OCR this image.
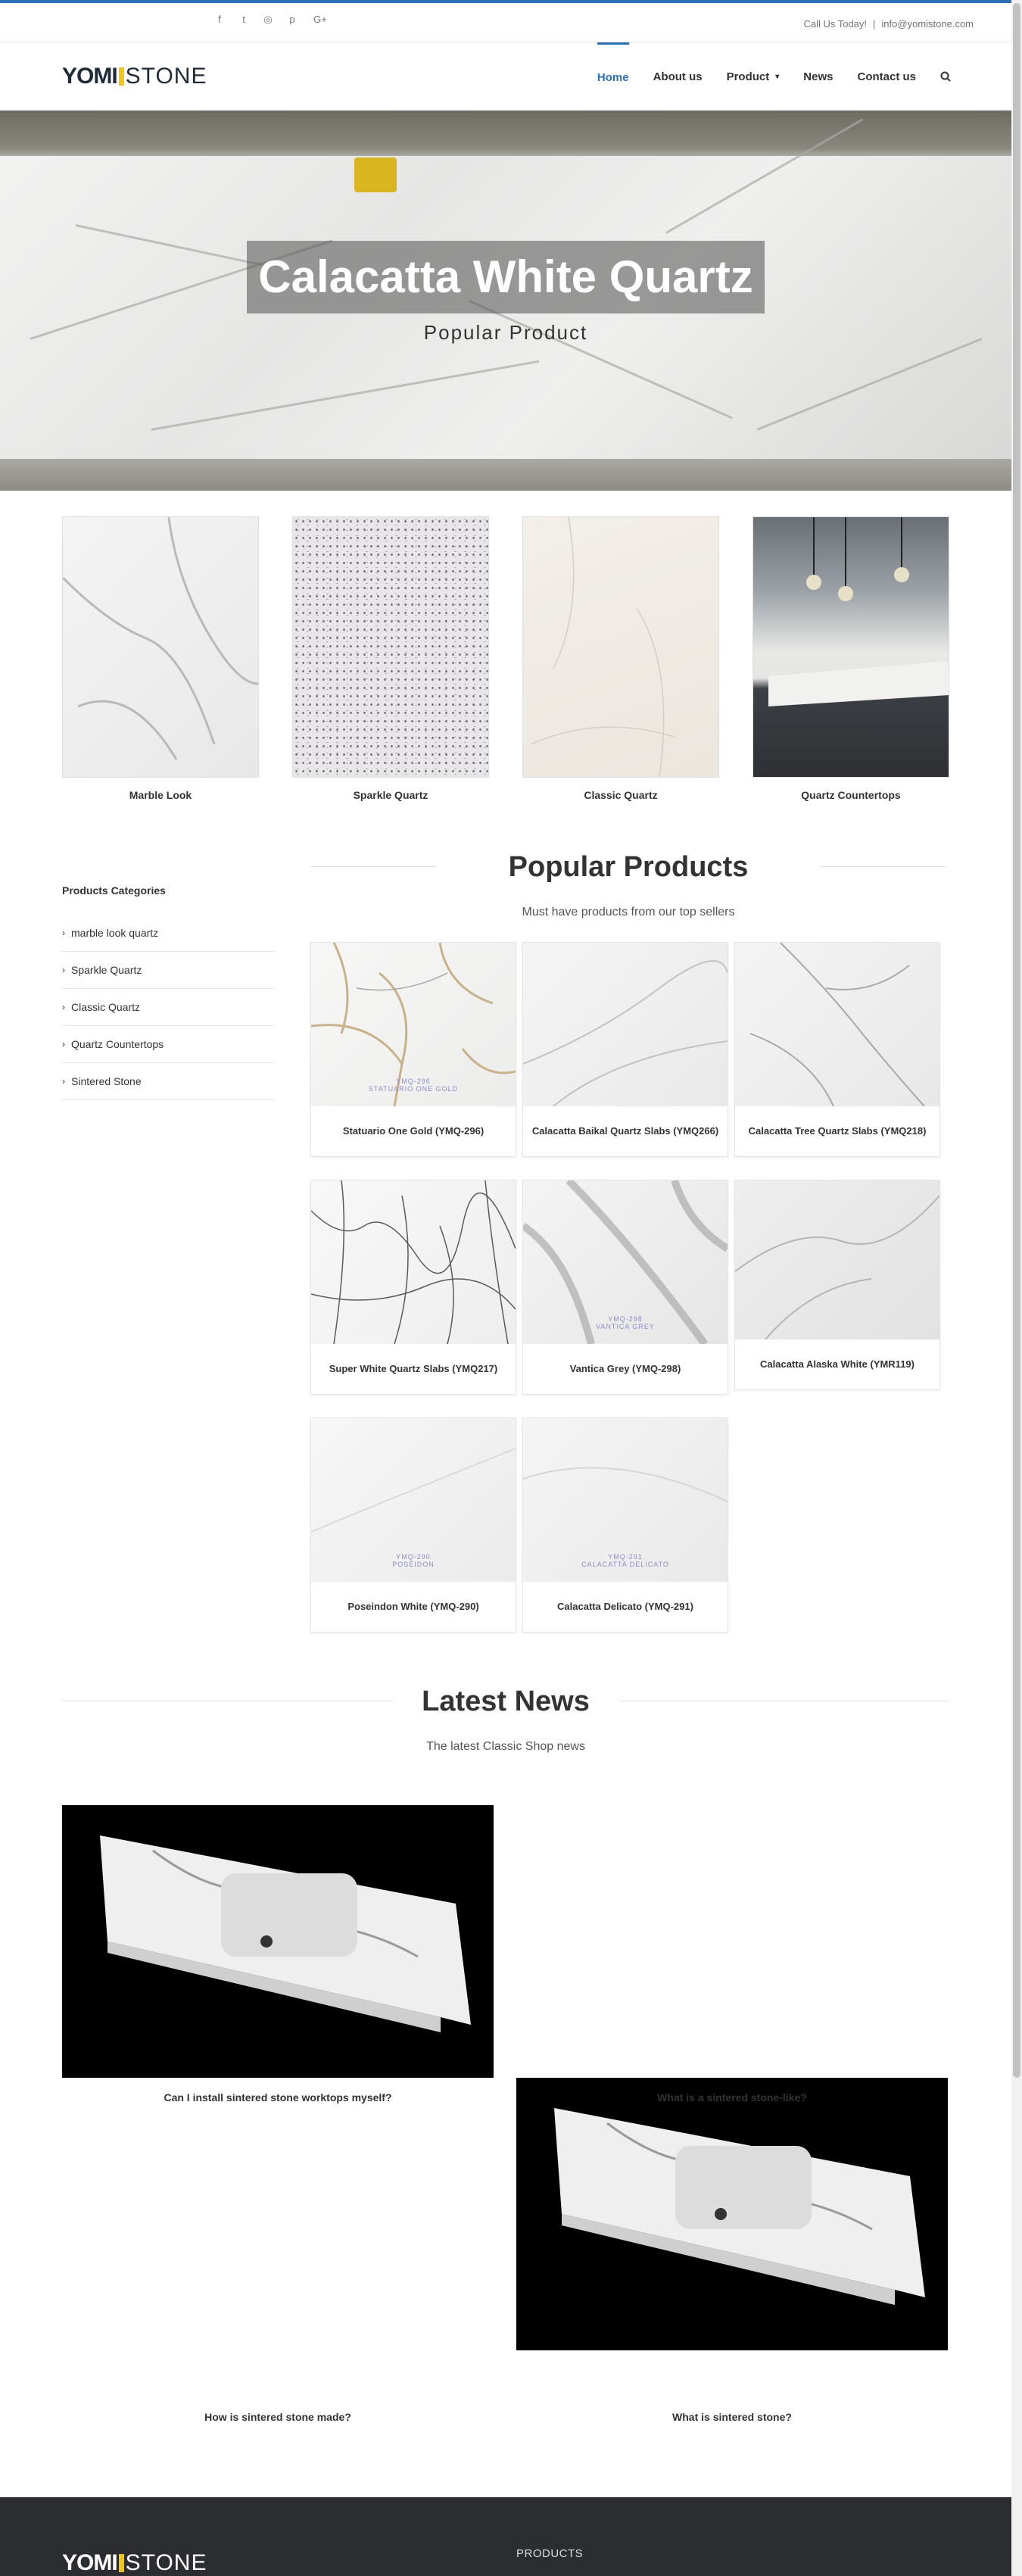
f	t	◎	p	G+	Call Us Today! | info@yomistone.com
YOMI STONE	Home About us Product ▾ News Contact us
Calacatta White Quartz
Popular Product
Marble Look	Sparkle Quartz	Classic Quartz	Quartz Countertops
Products Categories
› marble look quartz
› Sparkle Quartz
› Classic Quartz
› Quartz Countertops
› Sintered Stone
Popular Products
Must have products from our top sellers
YMQ-296
STATUARIO ONE GOLD
Statuario One Gold (YMQ-296)	Calacatta Baikal Quartz Slabs (YMQ266)	Calacatta Tree Quartz Slabs (YMQ218)
Super White Quartz Slabs (YMQ217)
YMQ-298
VANTICA GREY
Vantica Grey (YMQ-298)	Calacatta Alaska White (YMR119)
YMQ-290
POSEIDON
Poseindon White (YMQ-290)
YMQ-291
CALACATTA DELICATO
Calacatta Delicato (YMQ-291)
Latest News
The latest Classic Shop news
Can I install sintered stone worktops myself?	What is a sintered stone-like?
How is sintered stone made?	What is sintered stone?
YOMI STONE	PRODUCTS
